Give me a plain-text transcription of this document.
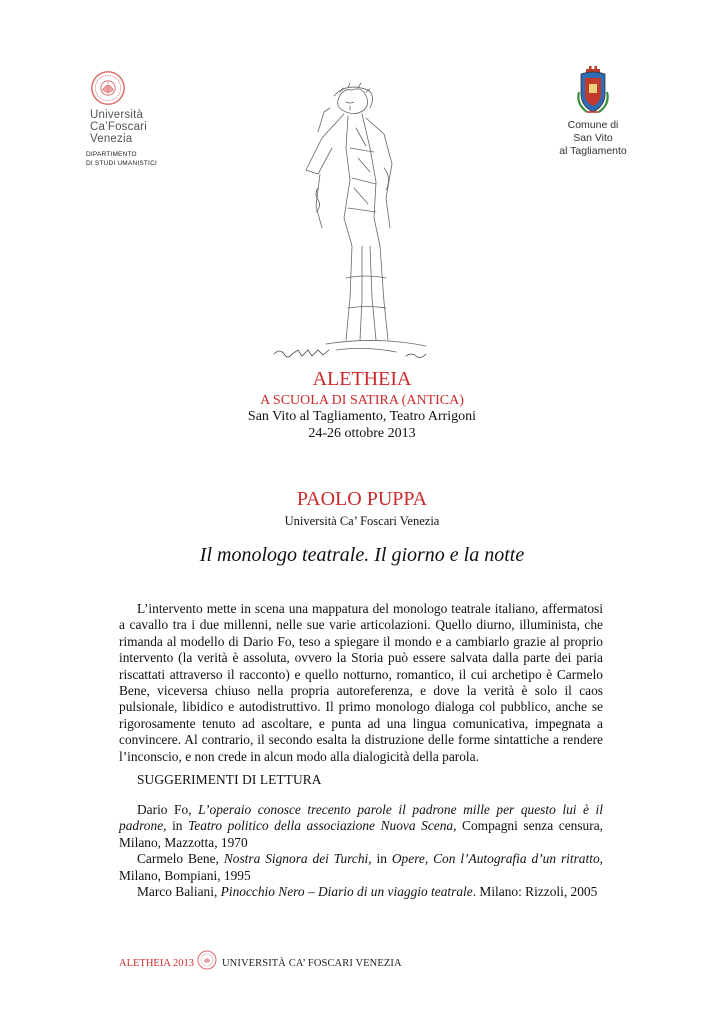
Università
Ca’Foscari
Venezia
DIPARTIMENTO
DI STUDI UMANISTICI
Comune di
San Vito
al Tagliamento
ALETHEIA
A SCUOLA DI SATIRA (ANTICA)
San Vito al Tagliamento, Teatro Arrigoni
24-26 ottobre 2013
PAOLO PUPPA
Università Ca’ Foscari Venezia
Il monologo teatrale. Il giorno e la notte

L’intervento mette in scena una mappatura del monologo teatrale italiano, affermatosi a cavallo tra i due millenni, nelle sue varie articolazioni. Quello diurno, illuminista, che rimanda al modello di Dario Fo, teso a spiegare il mondo e a cambiarlo grazie al proprio intervento (la verità è assoluta, ovvero la Storia può essere salvata dalla parte dei paria riscattati attraverso il racconto) e quello notturno, romantico, il cui archetipo è Carmelo Bene, viceversa chiuso nella propria autoreferenza, e dove la verità è solo il caos pulsionale, libidico e autodistruttivo. Il primo monologo dialoga col pubblico, anche se rigorosamente tenuto ad ascoltare, e punta ad una lingua comunicativa, impegnata a convincere. Al contrario, il secondo esalta la distruzione delle forme sintattiche a rendere l’inconscio, e non crede in alcun modo alla dialogicità della parola.

SUGGERIMENTI DI LETTURA

Dario Fo, L’operaio conosce trecento parole il padrone mille per questo lui è il padrone, in Teatro politico della associazione Nuova Scena, Compagni senza censura, Milano, Mazzotta, 1970

Carmelo Bene, Nostra Signora dei Turchi, in Opere, Con l’Autografia d’un ritratto, Milano, Bompiani, 1995

Marco Baliani, Pinocchio Nero – Diario di un viaggio teatrale. Milano: Rizzoli, 2005

ALETHEIA 2013	UNIVERSITÀ CA’ FOSCARI VENEZIA
